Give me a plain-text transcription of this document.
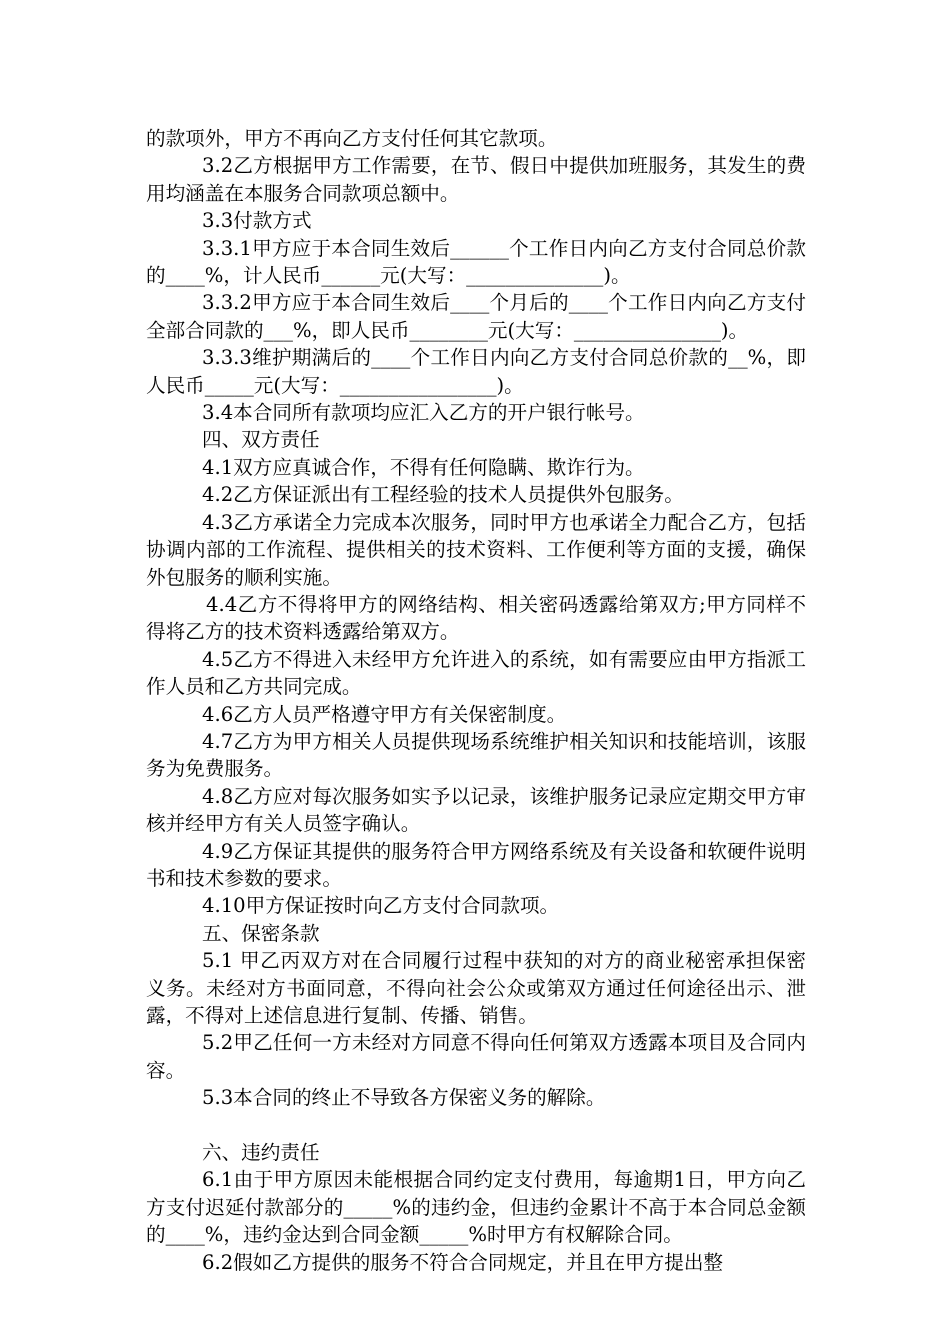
的款项外，甲方不再向乙方支付任何其它款项。

3.2乙方根据甲方工作需要，在节、假日中提供加班服务，其发生的费用均涵盖在本服务合同款项总额中。

3.3付款方式

3.3.1甲方应于本合同生效后______个工作日内向乙方支付合同总价款的____%，计人民币______元(大写：______________)。

3.3.2甲方应于本合同生效后____个月后的____个工作日内向乙方支付全部合同款的___%，即人民币________元(大写：_______________)。

3.3.3维护期满后的____个工作日内向乙方支付合同总价款的__%，即人民币_____元(大写：________________)。

3.4本合同所有款项均应汇入乙方的开户银行帐号。

四、双方责任

4.1双方应真诚合作，不得有任何隐瞒、欺诈行为。

4.2乙方保证派出有工程经验的技术人员提供外包服务。

4.3乙方承诺全力完成本次服务，同时甲方也承诺全力配合乙方，包括协调内部的工作流程、提供相关的技术资料、工作便利等方面的支援，确保外包服务的顺利实施。

4.4乙方不得将甲方的网络结构、相关密码透露给第双方;甲方同样不得将乙方的技术资料透露给第双方。

4.5乙方不得进入未经甲方允许进入的系统，如有需要应由甲方指派工作人员和乙方共同完成。

4.6乙方人员严格遵守甲方有关保密制度。

4.7乙方为甲方相关人员提供现场系统维护相关知识和技能培训，该服务为免费服务。

4.8乙方应对每次服务如实予以记录，该维护服务记录应定期交甲方审核并经甲方有关人员签字确认。

4.9乙方保证其提供的服务符合甲方网络系统及有关设备和软硬件说明书和技术参数的要求。

4.10甲方保证按时向乙方支付合同款项。

五、保密条款

5.1 甲乙丙双方对在合同履行过程中获知的对方的商业秘密承担保密义务。未经对方书面同意，不得向社会公众或第双方通过任何途径出示、泄露，不得对上述信息进行复制、传播、销售。

5.2甲乙任何一方未经对方同意不得向任何第双方透露本项目及合同内容。

5.3本合同的终止不导致各方保密义务的解除。

六、违约责任

6.1由于甲方原因未能根据合同约定支付费用，每逾期1日，甲方向乙方支付迟延付款部分的_____%的违约金，但违约金累计不高于本合同总金额的____%，违约金达到合同金额_____%时甲方有权解除合同。

6.2假如乙方提供的服务不符合合同规定，并且在甲方提出整
